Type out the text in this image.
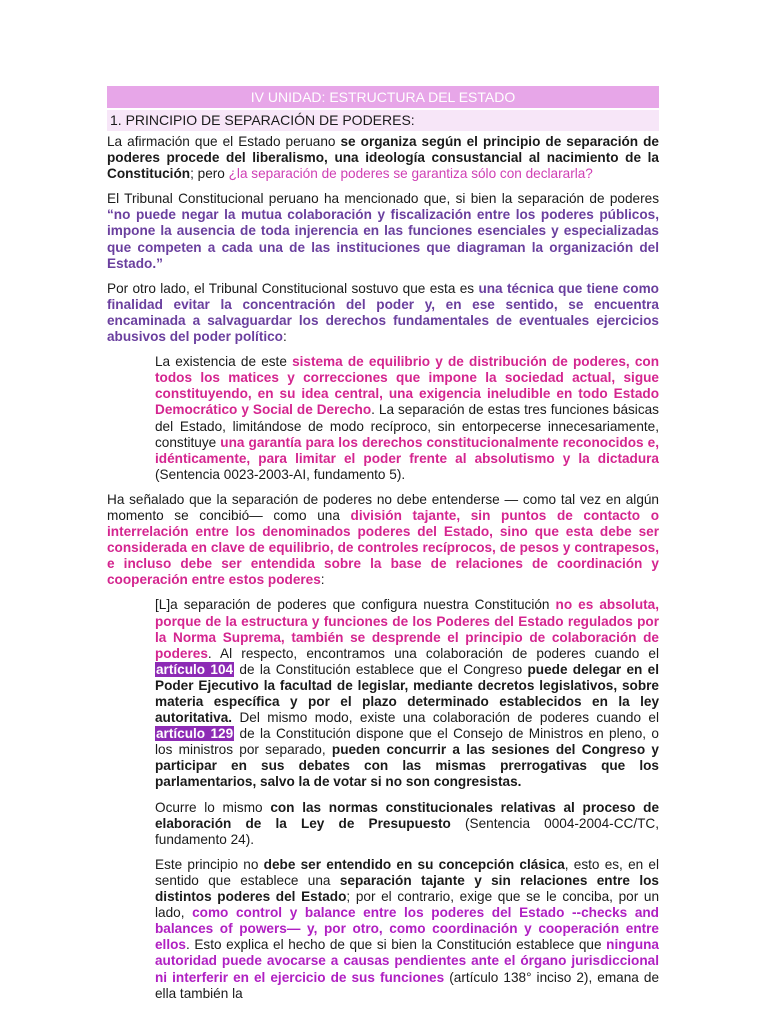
IV UNIDAD: ESTRUCTURA DEL ESTADO
1. PRINCIPIO DE SEPARACIÓN DE PODERES:

La afirmación que el Estado peruano se organiza según el principio de separación de poderes procede del liberalismo, una ideología consustancial al nacimiento de la Constitución; pero ¿la separación de poderes se garantiza sólo con declararla?

El Tribunal Constitucional peruano ha mencionado que, si bien la separación de poderes “no puede negar la mutua colaboración y fiscalización entre los poderes públicos, impone la ausencia de toda injerencia en las funciones esenciales y especializadas que competen a cada una de las instituciones que diagraman la organización del Estado.”

Por otro lado, el Tribunal Constitucional sostuvo que esta es una técnica que tiene como finalidad evitar la concentración del poder y, en ese sentido, se encuentra encaminada a salvaguardar los derechos fundamentales de eventuales ejercicios abusivos del poder político:

La existencia de este sistema de equilibrio y de distribución de poderes, con todos los matices y correcciones que impone la sociedad actual, sigue constituyendo, en su idea central, una exigencia ineludible en todo Estado Democrático y Social de Derecho. La separación de estas tres funciones básicas del Estado, limitándose de modo recíproco, sin entorpecerse innecesariamente, constituye una garantía para los derechos constitucionalmente reconocidos e, idénticamente, para limitar el poder frente al absolutismo y la dictadura (Sentencia 0023-2003-AI, fundamento 5).

Ha señalado que la separación de poderes no debe entenderse — como tal vez en algún momento se concibió— como una división tajante, sin puntos de contacto o interrelación entre los denominados poderes del Estado, sino que esta debe ser considerada en clave de equilibrio, de controles recíprocos, de pesos y contrapesos, e incluso debe ser entendida sobre la base de relaciones de coordinación y cooperación entre estos poderes:

[L]a separación de poderes que configura nuestra Constitución no es absoluta, porque de la estructura y funciones de los Poderes del Estado regulados por la Norma Suprema, también se desprende el principio de colaboración de poderes. Al respecto, encontramos una colaboración de poderes cuando el artículo 104 de la Constitución establece que el Congreso puede delegar en el Poder Ejecutivo la facultad de legislar, mediante decretos legislativos, sobre materia específica y por el plazo determinado establecidos en la ley autoritativa. Del mismo modo, existe una colaboración de poderes cuando el artículo 129 de la Constitución dispone que el Consejo de Ministros en pleno, o los ministros por separado, pueden concurrir a las sesiones del Congreso y participar en sus debates con las mismas prerrogativas que los parlamentarios, salvo la de votar si no son congresistas.

Ocurre lo mismo con las normas constitucionales relativas al proceso de elaboración de la Ley de Presupuesto (Sentencia 0004-2004-CC/TC, fundamento 24).

Este principio no debe ser entendido en su concepción clásica, esto es, en el sentido que establece una separación tajante y sin relaciones entre los distintos poderes del Estado; por el contrario, exige que se le conciba, por un lado, como control y balance entre los poderes del Estado --checks and balances of powers— y, por otro, como coordinación y cooperación entre ellos. Esto explica el hecho de que si bien la Constitución establece que ninguna autoridad puede avocarse a causas pendientes ante el órgano jurisdiccional ni interferir en el ejercicio de sus funciones (artículo 138° inciso 2), emana de ella también la
